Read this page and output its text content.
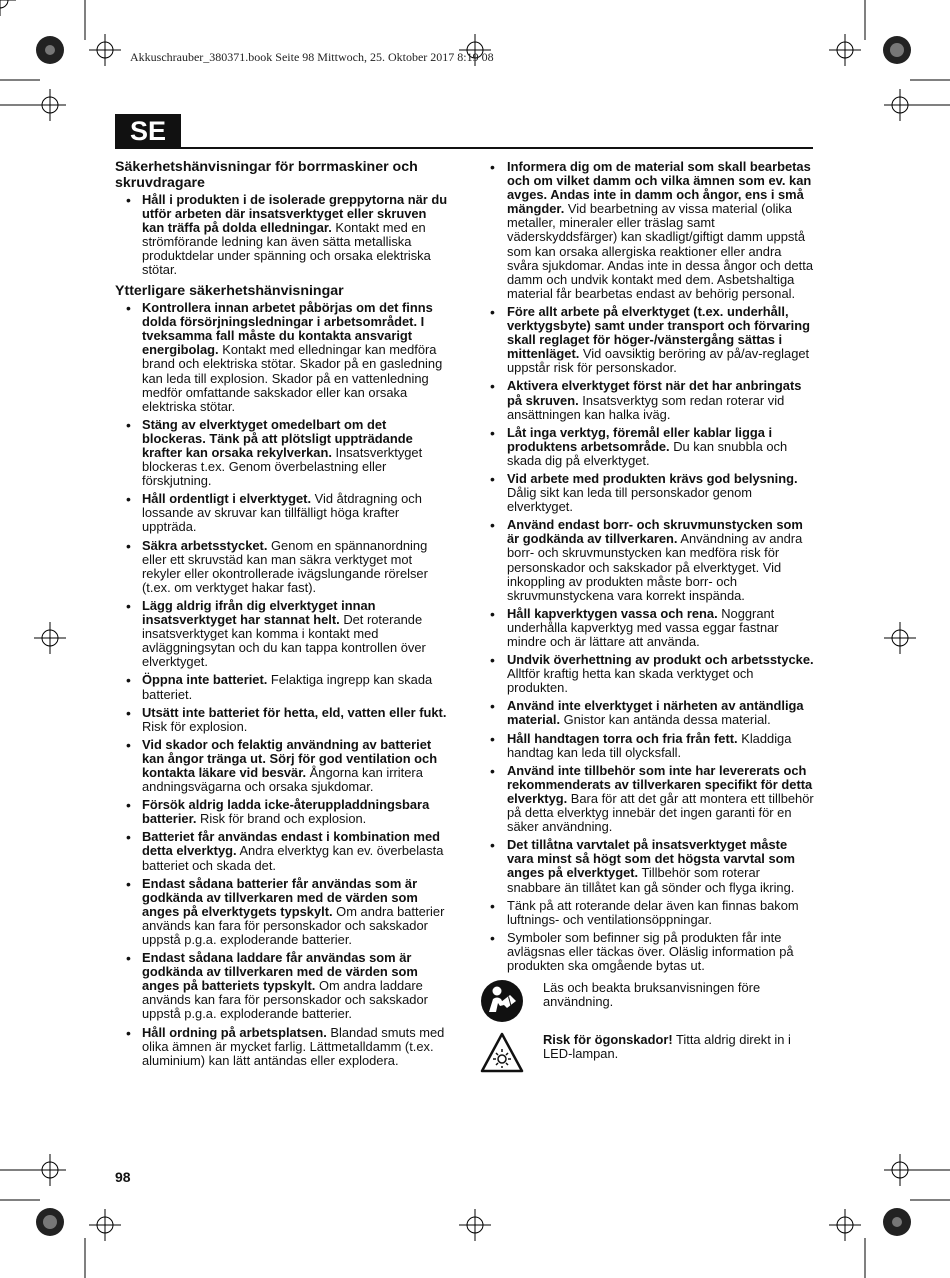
Akkuschrauber_380371.book Seite 98 Mittwoch, 25. Oktober 2017 8:19 08
SE
Säkerhetshänvisningar för borrmaskiner och skruvdragare
• Håll i produkten i de isolerade greppytorna när du utför arbeten där insatsverktyget eller skruven kan träffa på dolda elledningar. Kontakt med en strömförande ledning kan även sätta metalliska produktdelar under spänning och orsaka elektriska stötar.
Ytterligare säkerhetshänvisningar
• Kontrollera innan arbetet påbörjas om det finns dolda försörjningsledningar i arbetsområdet. I tveksamma fall måste du kontakta ansvarigt energibolag. Kontakt med elledningar kan medföra brand och elektriska stötar. Skador på en gasledning kan leda till explosion. Skador på en vattenledning medför omfattande sakskador eller kan orsaka elektriska stötar.
• Stäng av elverktyget omedelbart om det blockeras. Tänk på att plötsligt uppträdande krafter kan orsaka rekylverkan. Insatsverktyget blockeras t.ex. Genom överbelastning eller förskjutning.
• Håll ordentligt i elverktyget. Vid åtdragning och lossande av skruvar kan tillfälligt höga krafter uppträda.
• Säkra arbetsstycket. Genom en spännanordning eller ett skruvstäd kan man säkra verktyget mot rekyler eller okontrollerade ivägslungande rörelser (t.ex. om verktyget hakar fast).
• Lägg aldrig ifrån dig elverktyget innan insatsverktyget har stannat helt. Det roterande insatsverktyget kan komma i kontakt med avläggningsytan och du kan tappa kontrollen över elverktyget.
• Öppna inte batteriet. Felaktiga ingrepp kan skada batteriet.
• Utsätt inte batteriet för hetta, eld, vatten eller fukt. Risk för explosion.
• Vid skador och felaktig användning av batteriet kan ångor tränga ut. Sörj för god ventilation och kontakta läkare vid besvär. Ångorna kan irritera andningsvägarna och orsaka sjukdomar.
• Försök aldrig ladda icke-återuppladdningsbara batterier. Risk för brand och explosion.
• Batteriet får användas endast i kombination med detta elverktyg. Andra elverktyg kan ev. överbelasta batteriet och skada det.
• Endast sådana batterier får användas som är godkända av tillverkaren med de värden som anges på elverktygets typskylt. Om andra batterier används kan fara för personskador och sakskador uppstå p.g.a. exploderande batterier.
• Endast sådana laddare får användas som är godkända av tillverkaren med de värden som anges på batteriets typskylt. Om andra laddare används kan fara för personskador och sakskador uppstå p.g.a. exploderande batterier.
• Håll ordning på arbetsplatsen. Blandad smuts med olika ämnen är mycket farlig. Lättmetalldamm (t.ex. aluminium) kan lätt antändas eller explodera.
• Informera dig om de material som skall bearbetas och om vilket damm och vilka ämnen som ev. kan avges. Andas inte in damm och ångor, ens i små mängder. Vid bearbetning av vissa material (olika metaller, mineraler eller träslag samt väderskyddsfärger) kan skadligt/giftigt damm uppstå som kan orsaka allergiska reaktioner eller andra svåra sjukdomar. Andas inte in dessa ångor och detta damm och undvik kontakt med dem. Asbetshaltiga material får bearbetas endast av behörig personal.
• Före allt arbete på elverktyget (t.ex. underhåll, verktygsbyte) samt under transport och förvaring skall reglaget för höger-/vänstergång sättas i mittenläget. Vid oavsiktig beröring av på/av-reglaget uppstår risk för personskador.
• Aktivera elverktyget först när det har anbringats på skruven. Insatsverktyg som redan roterar vid ansättningen kan halka iväg.
• Låt inga verktyg, föremål eller kablar ligga i produktens arbetsområde. Du kan snubbla och skada dig på elverktyget.
• Vid arbete med produkten krävs god belysning. Dålig sikt kan leda till personskador genom elverktyget.
• Använd endast borr- och skruvmunstycken som är godkända av tillverkaren. Användning av andra borr- och skruvmunstycken kan medföra risk för personskador och sakskador på elverktyget. Vid inkoppling av produkten måste borr- och skruvmunstyckena vara korrekt inspända.
• Håll kapverktygen vassa och rena. Noggrant underhålla kapverktyg med vassa eggar fastnar mindre och är lättare att använda.
• Undvik överhettning av produkt och arbetsstycke. Alltför kraftig hetta kan skada verktyget och produkten.
• Använd inte elverktyget i närheten av antändliga material. Gnistor kan antända dessa material.
• Håll handtagen torra och fria från fett. Kladdiga handtag kan leda till olycksfall.
• Använd inte tillbehör som inte har levererats och rekommenderats av tillverkaren specifikt för detta elverktyg. Bara för att det går att montera ett tillbehör på detta elverktyg innebär det ingen garanti för en säker användning.
• Det tillåtna varvtalet på insatsverktyget måste vara minst så högt som det högsta varvtal som anges på elverktyget. Tillbehör som roterar snabbare än tillåtet kan gå sönder och flyga ikring.
• Tänk på att roterande delar även kan finnas bakom luftnings- och ventilationsöppningar.
• Symboler som befinner sig på produkten får inte avlägsnas eller täckas över. Oläslig information på produkten ska omgående bytas ut.
Läs och beakta bruksanvisningen före användning.
Risk för ögonskador! Titta aldrig direkt in i LED-lampan.
98
